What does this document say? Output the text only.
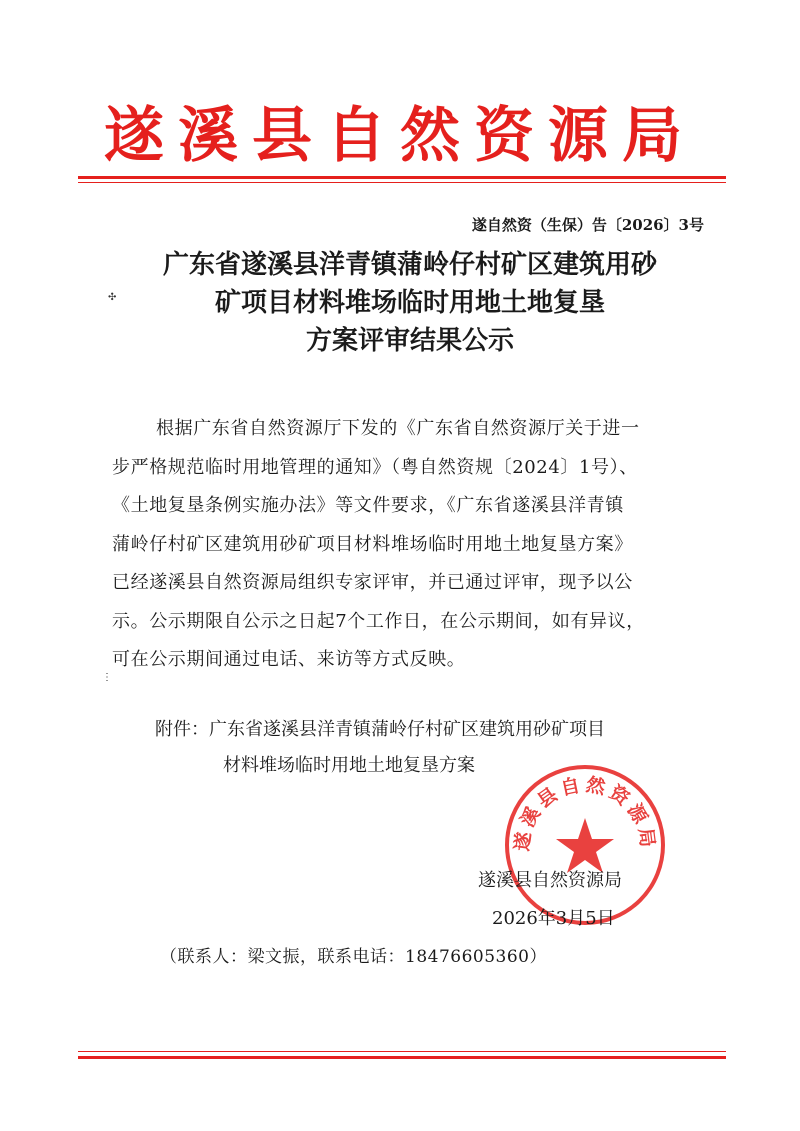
遂溪县自然资源局
遂自然资（生保）告〔2026〕3号
广东省遂溪县洋青镇蒲岭仔村矿区建筑用砂
矿项目材料堆场临时用地土地复垦
方案评审结果公示
✣
⋮
根据广东省自然资源厅下发的《广东省自然资源厅关于进一
步严格规范临时用地管理的通知》（粤自然资规〔2024〕1号）、
《土地复垦条例实施办法》等文件要求，《广东省遂溪县洋青镇
蒲岭仔村矿区建筑用砂矿项目材料堆场临时用地土地复垦方案》
已经遂溪县自然资源局组织专家评审，并已通过评审，现予以公
示。公示期限自公示之日起7个工作日，在公示期间，如有异议，
可在公示期间通过电话、来访等方式反映。
附件：广东省遂溪县洋青镇蒲岭仔村矿区建筑用砂矿项目
材料堆场临时用地土地复垦方案
遂溪县自然资源局
遂溪县自然资源局
2026年3月5日
（联系人：梁文振，联系电话：18476605360）
